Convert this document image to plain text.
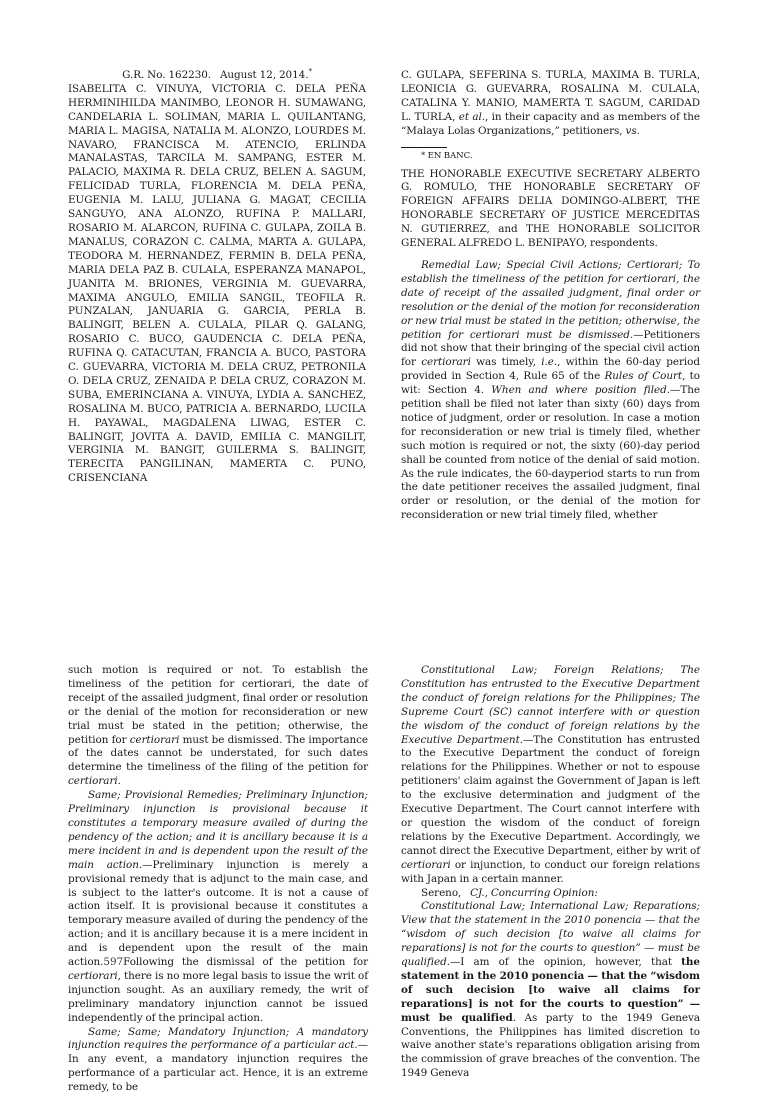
G.R. No. 162230. August 12, 2014.*

ISABELITA C. VINUYA, VICTORIA C. DELA PEÑA HERMINIHILDA MANIMBO, LEONOR H. SUMAWANG, CANDELARIA L. SOLIMAN, MARIA L. QUILANTANG, MARIA L. MAGISA, NATALIA M. ALONZO, LOURDES M. NAVARO, FRANCISCA M. ATENCIO, ERLINDA MANALASTAS, TARCILA M. SAMPANG, ESTER M. PALACIO, MAXIMA R. DELA CRUZ, BELEN A. SAGUM, FELICIDAD TURLA, FLORENCIA M. DELA PEÑA, EUGENIA M. LALU, JULIANA G. MAGAT, CECILIA SANGUYO, ANA ALONZO, RUFINA P. MALLARI, ROSARIO M. ALARCON, RUFINA C. GULAPA, ZOILA B. MANALUS, CORAZON C. CALMA, MARTA A. GULAPA, TEODORA M. HERNANDEZ, FERMIN B. DELA PEÑA, MARIA DELA PAZ B. CULALA, ESPERANZA MANAPOL, JUANITA M. BRIONES, VERGINIA M. GUEVARRA, MAXIMA ANGULO, EMILIA SANGIL, TEOFILA R. PUNZALAN, JANUARIA G. GARCIA, PERLA B. BALINGIT, BELEN A. CULALA, PILAR Q. GALANG, ROSARIO C. BUCO, GAUDENCIA C. DELA PEÑA, RUFINA Q. CATACUTAN, FRANCIA A. BUCO, PASTORA C. GUEVARRA, VICTORIA M. DELA CRUZ, PETRONILA O. DELA CRUZ, ZENAIDA P. DELA CRUZ, CORAZON M. SUBA, EMERINCIANA A. VINUYA, LYDIA A. SANCHEZ, ROSALINA M. BUCO, PATRICIA A. BERNARDO, LUCILA H. PAYAWAL, MAGDALENA LIWAG, ESTER C. BALINGIT, JOVITA A. DAVID, EMILIA C. MANGILIT, VERGINIA M. BANGIT, GUILERMA S. BALINGIT, TERECITA PANGILINAN, MAMERTA C. PUNO, CRISENCIANA

C. GULAPA, SEFERINA S. TURLA, MAXIMA B. TURLA, LEONICIA G. GUEVARRA, ROSALINA M. CULALA, CATALINA Y. MANIO, MAMERTA T. SAGUM, CARIDAD L. TURLA, et al., in their capacity and as members of the “Malaya Lolas Organizations,” petitioners, vs.

* EN BANC.

THE HONORABLE EXECUTIVE SECRETARY ALBERTO G. ROMULO, THE HONORABLE SECRETARY OF FOREIGN AFFAIRS DELIA DOMINGO-ALBERT, THE HONORABLE SECRETARY OF JUSTICE MERCEDITAS N. GUTIERREZ, and THE HONORABLE SOLICITOR GENERAL ALFREDO L. BENIPAYO, respondents.

Remedial Law; Special Civil Actions; Certiorari; To establish the timeliness of the petition for certiorari, the date of receipt of the assailed judgment, final order or resolution or the denial of the motion for reconsideration or new trial must be stated in the petition; otherwise, the petition for certiorari must be dismissed.—Petitioners did not show that their bringing of the special civil action for certiorari was timely, i.e., within the 60-day period provided in Section 4, Rule 65 of the Rules of Court, to wit: Section 4. When and where position filed.—The petition shall be filed not later than sixty (60) days from notice of judgment, order or resolution. In case a motion for reconsideration or new trial is timely filed, whether such motion is required or not, the sixty (60)-day period shall be counted from notice of the denial of said motion. As the rule indicates, the 60-dayperiod starts to run from the date petitioner receives the assailed judgment, final order or resolution, or the denial of the motion for reconsideration or new trial timely filed, whether

such motion is required or not. To establish the timeliness of the petition for certiorari, the date of receipt of the assailed judgment, final order or resolution or the denial of the motion for reconsideration or new trial must be stated in the petition; otherwise, the petition for certiorari must be dismissed. The importance of the dates cannot be understated, for such dates determine the timeliness of the filing of the petition for certiorari.

Same; Provisional Remedies; Preliminary Injunction; Preliminary injunction is provisional because it constitutes a temporary measure availed of during the pendency of the action; and it is ancillary because it is a mere incident in and is dependent upon the result of the main action.—Preliminary injunction is merely a provisional remedy that is adjunct to the main case, and is subject to the latter's outcome. It is not a cause of action itself. It is provisional because it constitutes a temporary measure availed of during the pendency of the action; and it is ancillary because it is a mere incident in and is dependent upon the result of the main action.597Following the dismissal of the petition for certiorari, there is no more legal basis to issue the writ of injunction sought. As an auxiliary remedy, the writ of preliminary mandatory injunction cannot be issued independently of the principal action.

Same; Same; Mandatory Injunction; A mandatory injunction requires the performance of a particular act.—In any event, a mandatory injunction requires the performance of a particular act. Hence, it is an extreme remedy, to be

Constitutional Law; Foreign Relations; The Constitution has entrusted to the Executive Department the conduct of foreign relations for the Philippines; The Supreme Court (SC) cannot interfere with or question the wisdom of the conduct of foreign relations by the Executive Department.—The Constitution has entrusted to the Executive Department the conduct of foreign relations for the Philippines. Whether or not to espouse petitioners' claim against the Government of Japan is left to the exclusive determination and judgment of the Executive Department. The Court cannot interfere with or question the wisdom of the conduct of foreign relations by the Executive Department. Accordingly, we cannot direct the Executive Department, either by writ of certiorari or injunction, to conduct our foreign relations with Japan in a certain manner.

Sereno, CJ., Concurring Opinion:

Constitutional Law; International Law; Reparations; View that the statement in the 2010 ponencia — that the “wisdom of such decision [to waive all claims for reparations] is not for the courts to question” — must be qualified.—I am of the opinion, however, that the statement in the 2010 ponencia — that the “wisdom of such decision [to waive all claims for reparations] is not for the courts to question” — must be qualified. As party to the 1949 Geneva Conventions, the Philippines has limited discretion to waive another state's reparations obligation arising from the commission of grave breaches of the convention. The 1949 Geneva
